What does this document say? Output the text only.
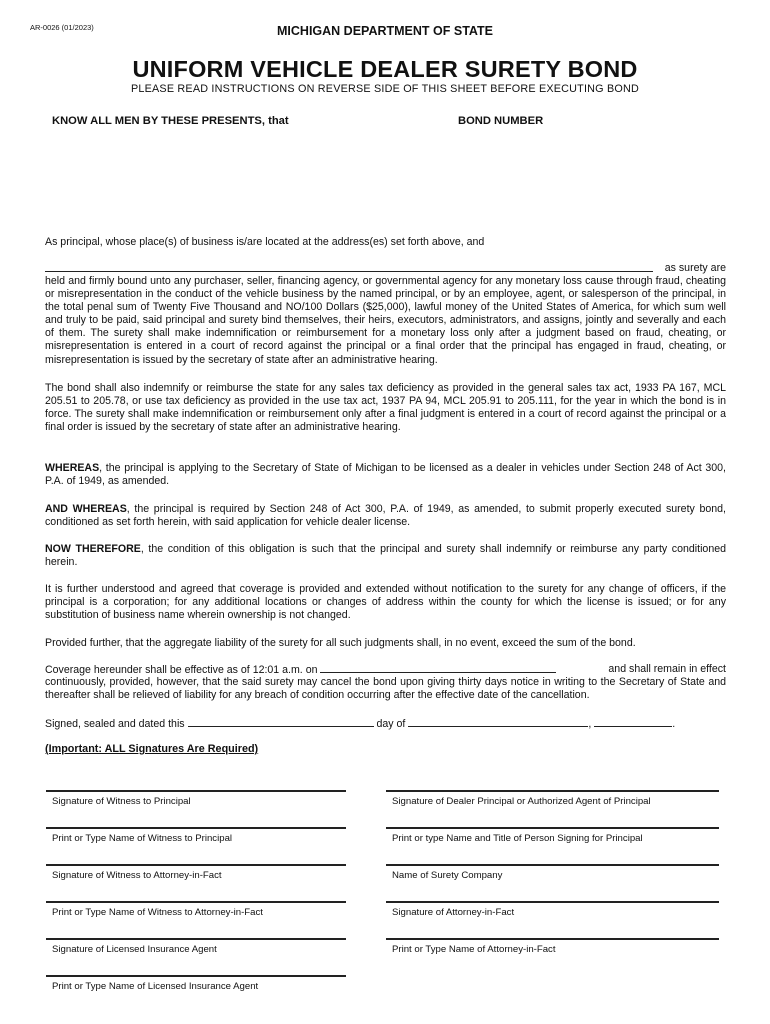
AR-0026 (01/2023)	MICHIGAN DEPARTMENT OF STATE
UNIFORM VEHICLE DEALER SURETY BOND
PLEASE READ INSTRUCTIONS ON REVERSE SIDE OF THIS SHEET BEFORE EXECUTING BOND
KNOW ALL MEN BY THESE PRESENTS, that	BOND NUMBER
As principal, whose place(s) of business is/are located at the address(es) set forth above, and
as surety are
held and firmly bound unto any purchaser, seller, financing agency, or governmental agency for any monetary loss cause through fraud, cheating or misrepresentation in the conduct of the vehicle business by the named principal, or by an employee, agent, or salesperson of the principal, in the total penal sum of Twenty Five Thousand and NO/100 Dollars ($25,000), lawful money of the United States of America, for which sum well and truly to be paid, said principal and surety bind themselves, their heirs, executors, administrators, and assigns, jointly and severally and each of them. The surety shall make indemnification or reimbursement for a monetary loss only after a judgment based on fraud, cheating, or misrepresentation is entered in a court of record against the principal or a final order that the principal has engaged in fraud, cheating, or misrepresentation is issued by the secretary of state after an administrative hearing.
The bond shall also indemnify or reimburse the state for any sales tax deficiency as provided in the general sales tax act, 1933 PA 167, MCL 205.51 to 205.78, or use tax deficiency as provided in the use tax act, 1937 PA 94, MCL 205.91 to 205.111, for the year in which the bond is in force. The surety shall make indemnification or reimbursement only after a final judgment is entered in a court of record against the principal or a final order is issued by the secretary of state after an administrative hearing.
WHEREAS, the principal is applying to the Secretary of State of Michigan to be licensed as a dealer in vehicles under Section 248 of Act 300, P.A. of 1949, as amended.
AND WHEREAS, the principal is required by Section 248 of Act 300, P.A. of 1949, as amended, to submit properly executed surety bond, conditioned as set forth herein, with said application for vehicle dealer license.
NOW THEREFORE, the condition of this obligation is such that the principal and surety shall indemnify or reimburse any party conditioned herein.
It is further understood and agreed that coverage is provided and extended without notification to the surety for any change of officers, if the principal is a corporation; for any additional locations or changes of address within the county for which the license is issued; or for any substitution of business name wherein ownership is not changed.
Provided further, that the aggregate liability of the surety for all such judgments shall, in no event, exceed the sum of the bond.
Coverage hereunder shall be effective as of 12:01 a.m. on	and shall remain in effect
continuously, provided, however, that the said surety may cancel the bond upon giving thirty days notice in writing to the Secretary of State and thereafter shall be relieved of liability for any breach of condition occurring after the effective date of the cancellation.
Signed, sealed and dated this	day of	,	.
(Important: ALL Signatures Are Required)
Signature of Witness to Principal
Print or Type Name of Witness to Principal
Signature of Witness to Attorney-in-Fact
Print or Type Name of Witness to Attorney-in-Fact
Signature of Licensed Insurance Agent
Print or Type Name of Licensed Insurance Agent
Signature of Dealer Principal or Authorized Agent of Principal
Print or type Name and Title of Person Signing for Principal
Name of Surety Company
Signature of Attorney-in-Fact
Print or Type Name of Attorney-in-Fact
